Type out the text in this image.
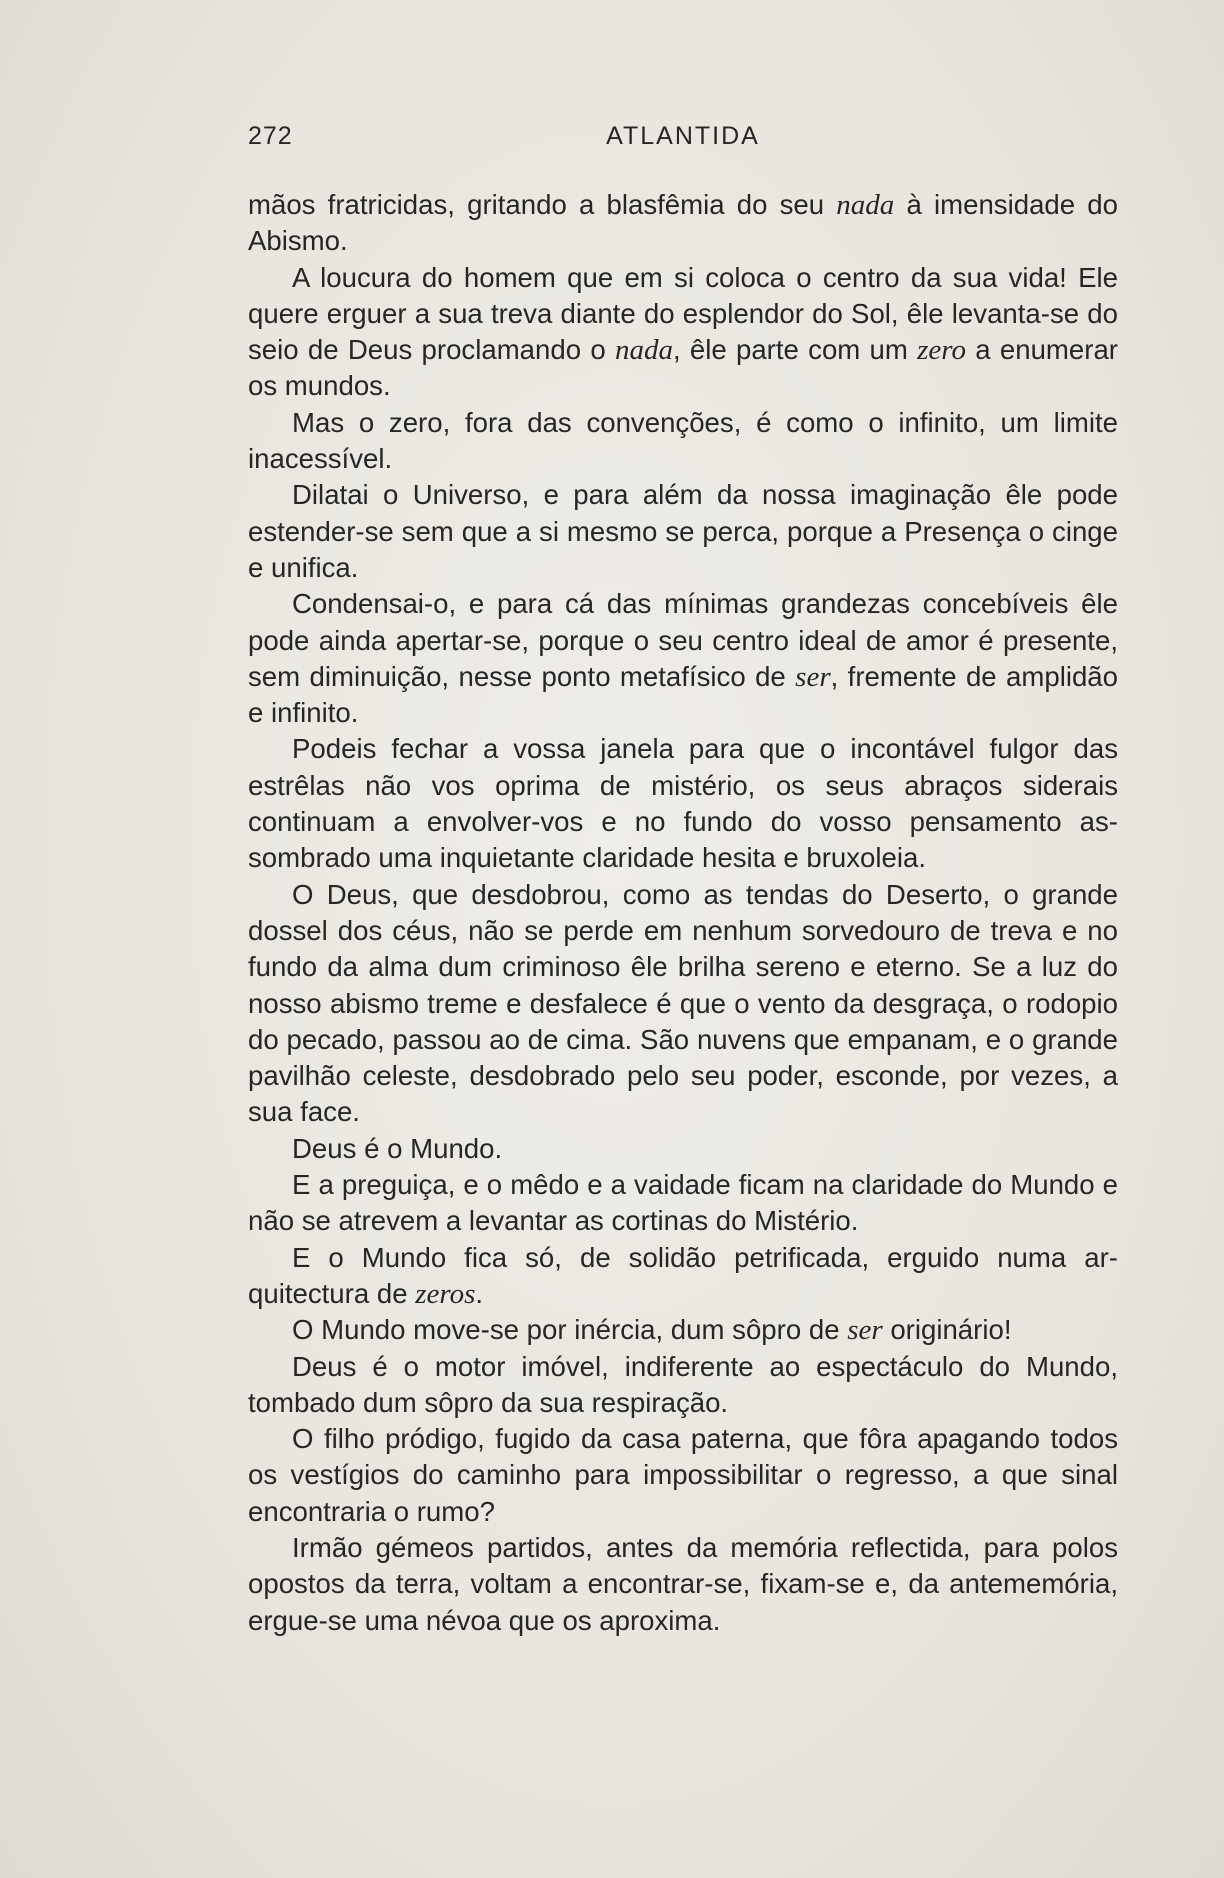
272	ATLANTIDA

mãos fratricidas, gritando a blasfêmia do seu nada à imensidade do Abismo.

A loucura do homem que em si coloca o centro da sua vida! Ele quere erguer a sua treva diante do esplendor do Sol, êle levanta-se do seio de Deus proclamando o nada, êle parte com um zero a enumerar os mundos.

Mas o zero, fora das convenções, é como o infinito, um limite inacessível.

Dilatai o Universo, e para além da nossa imaginação êle pode estender-se sem que a si mesmo se perca, porque a Presença o cinge e unifica.

Condensai-o, e para cá das mínimas grandezas concebíveis êle pode ainda apertar-se, porque o seu centro ideal de amor é presente, sem diminuição, nesse ponto metafísico de ser, fremente de amplidão e infinito.

Podeis fechar a vossa janela para que o incontável fulgor das estrêlas não vos oprima de mistério, os seus abraços siderais continuam a envolver-vos e no fundo do vosso pensamento assombrado uma inquietante claridade hesita e bruxoleia.

O Deus, que desdobrou, como as tendas do Deserto, o grande dossel dos céus, não se perde em nenhum sorvedouro de treva e no fundo da alma dum criminoso êle brilha sereno e eterno. Se a luz do nosso abismo treme e desfalece é que o vento da desgraça, o rodopio do pecado, passou ao de cima. São nuvens que empanam, e o grande pavilhão celeste, desdobrado pelo seu poder, esconde, por vezes, a sua face.

Deus é o Mundo.

E a preguiça, e o mêdo e a vaidade ficam na claridade do Mundo e não se atrevem a levantar as cortinas do Mistério.

E o Mundo fica só, de solidão petrificada, erguido numa arquitectura de zeros.

O Mundo move-se por inércia, dum sôpro de ser originário!

Deus é o motor imóvel, indiferente ao espectáculo do Mundo, tombado dum sôpro da sua respiração.

O filho pródigo, fugido da casa paterna, que fôra apagando todos os vestígios do caminho para impossibilitar o regresso, a que sinal encontraria o rumo?

Irmão gémeos partidos, antes da memória reflectida, para polos opostos da terra, voltam a encontrar-se, fixam-se e, da antememória, ergue-se uma névoa que os aproxima.
